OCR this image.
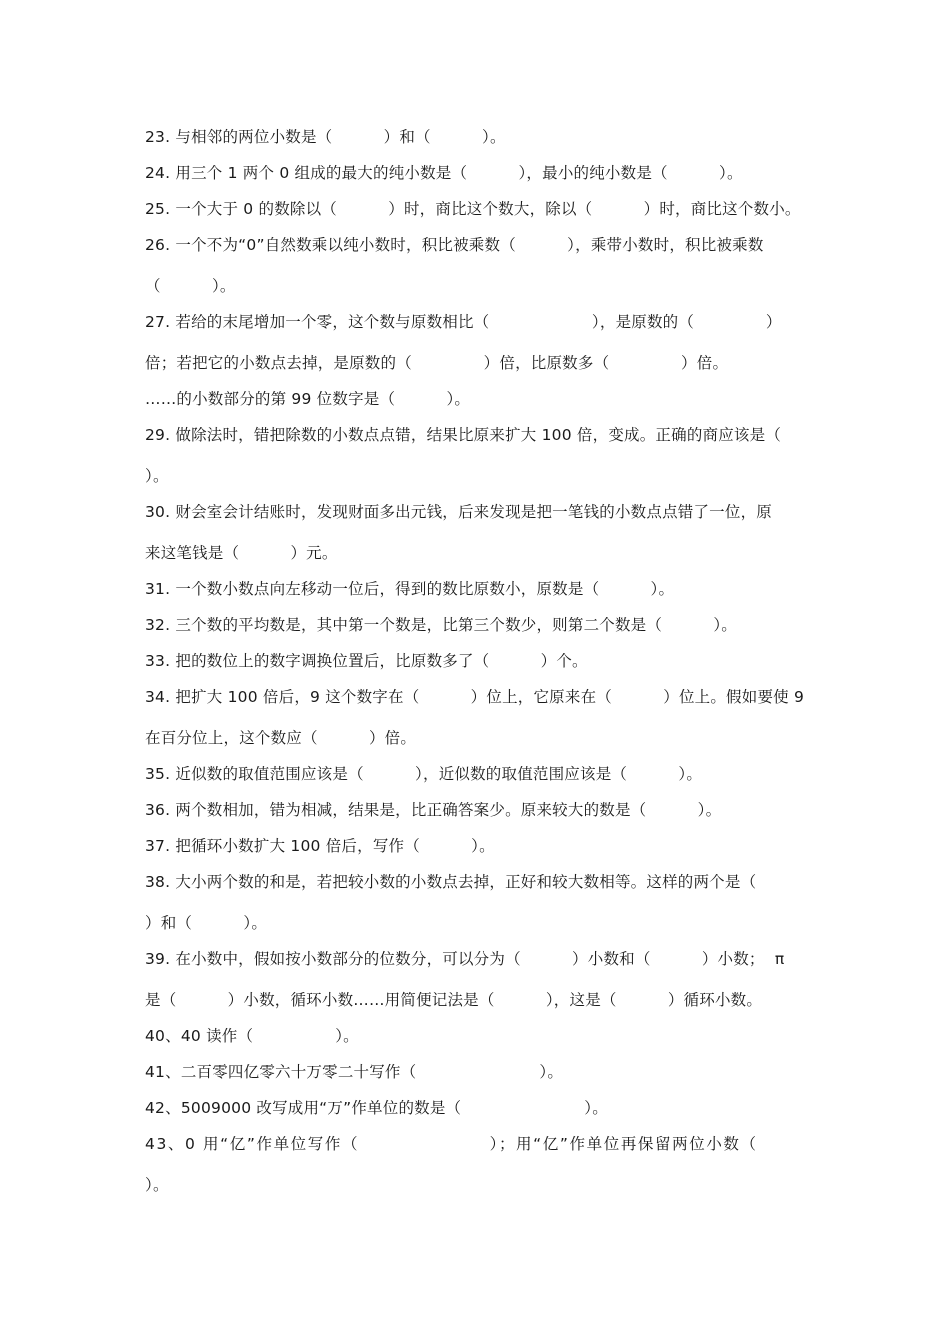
23. 与相邻的两位小数是（          ）和（          ）。
24. 用三个 1 两个 0 组成的最大的纯小数是（          ），最小的纯小数是（          ）。
25. 一个大于 0 的数除以（          ）时，商比这个数大，除以（          ）时，商比这个数小。
26. 一个不为“0”自然数乘以纯小数时，积比被乘数（          ），乘带小数时，积比被乘数
（          ）。
27. 若给的末尾增加一个零，这个数与原数相比（                    ），是原数的（              ）
倍；若把它的小数点去掉，是原数的（              ）倍，比原数多（              ）倍。
……的小数部分的第 99 位数字是（          ）。
29. 做除法时，错把除数的小数点点错，结果比原来扩大 100 倍，变成。正确的商应该是（
）。
30. 财会室会计结账时，发现财面多出元钱，后来发现是把一笔钱的小数点点错了一位，原
来这笔钱是（          ）元。
31. 一个数小数点向左移动一位后，得到的数比原数小，原数是（          ）。
32. 三个数的平均数是，其中第一个数是，比第三个数少，则第二个数是（          ）。
33. 把的数位上的数字调换位置后，比原数多了（          ）个。
34. 把扩大 100 倍后，9 这个数字在（          ）位上，它原来在（          ）位上。假如要使 9
在百分位上，这个数应（          ）倍。
35. 近似数的取值范围应该是（          ），近似数的取值范围应该是（          ）。
36. 两个数相加，错为相减，结果是，比正确答案少。原来较大的数是（          ）。
37. 把循环小数扩大 100 倍后，写作（          ）。
38. 大小两个数的和是，若把较小数的小数点去掉，正好和较大数相等。这样的两个是（
）和（          ）。
39. 在小数中，假如按小数部分的位数分，可以分为（          ）小数和（          ）小数；  π
是（          ）小数，循环小数……用简便记法是（          ），这是（          ）循环小数。
40、40 读作（                ）。
41、二百零四亿零六十万零二十写作（                        ）。
42、5009000 改写成用“万”作单位的数是（                        ）。
43、0 用“亿”作单位写作（                    ）；用“亿”作单位再保留两位小数（
）。
